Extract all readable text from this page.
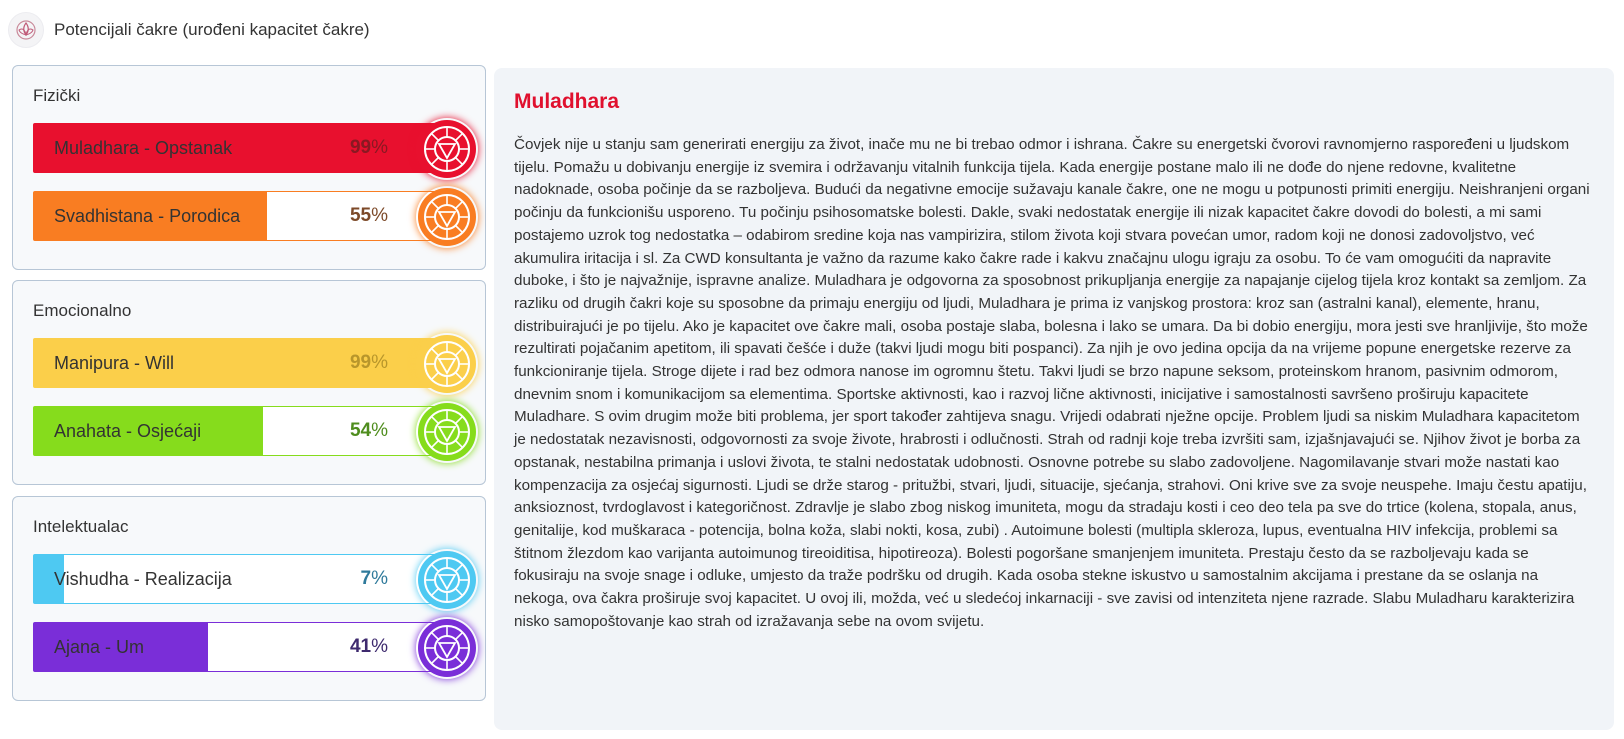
Potencijali čakre (urođeni kapacitet čakre)
Fizički
Muladhara - Opstanak	99%
Svadhistana - Porodica	55%
Emocionalno
Manipura - Will	99%
Anahata - Osjećaji	54%
Intelektualac
Vishudha - Realizacija	7%
Ajana - Um	41%
Muladhara

Čovjek nije u stanju sam generirati energiju za život, inače mu ne bi trebao odmor i ishrana. Čakre su energetski čvorovi ravnomjerno raspoređeni u ljudskom tijelu. Pomažu u dobivanju energije iz svemira i održavanju vitalnih funkcija tijela. Kada energije postane malo ili ne dođe do njene redovne, kvalitetne nadoknade, osoba počinje da se razboljeva. Budući da negativne emocije sužavaju kanale čakre, one ne mogu u potpunosti primiti energiju. Neishranjeni organi počinju da funkcionišu usporeno. Tu počinju psihosomatske bolesti. Dakle, svaki nedostatak energije ili nizak kapacitet čakre dovodi do bolesti, a mi sami postajemo uzrok tog nedostatka – odabirom sredine koja nas vampirizira, stilom života koji stvara povećan umor, radom koji ne donosi zadovoljstvo, već akumulira iritacija i sl. Za CWD konsultanta je važno da razume kako čakre rade i kakvu značajnu ulogu igraju za osobu. To će vam omogućiti da napravite duboke, i što je najvažnije, ispravne analize. Muladhara je odgovorna za sposobnost prikupljanja energije za napajanje cijelog tijela kroz kontakt sa zemljom. Za razliku od drugih čakri koje su sposobne da primaju energiju od ljudi, Muladhara je prima iz vanjskog prostora: kroz san (astralni kanal), elemente, hranu, distribuirajući je po tijelu. Ako je kapacitet ove čakre mali, osoba postaje slaba, bolesna i lako se umara. Da bi dobio energiju, mora jesti sve hranljivije, što može rezultirati pojačanim apetitom, ili spavati češće i duže (takvi ljudi mogu biti pospanci). Za njih je ovo jedina opcija da na vrijeme popune energetske rezerve za funkcioniranje tijela. Stroge dijete i rad bez odmora nanose im ogromnu štetu. Takvi ljudi se brzo napune seksom, proteinskom hranom, pasivnim odmorom, dnevnim snom i komunikacijom sa elementima. Sportske aktivnosti, kao i razvoj lične aktivnosti, inicijative i samostalnosti savršeno proširuju kapacitete Muladhare. S ovim drugim može biti problema, jer sport također zahtijeva snagu. Vrijedi odabrati nježne opcije. Problem ljudi sa niskim Muladhara kapacitetom je nedostatak nezavisnosti, odgovornosti za svoje živote, hrabrosti i odlučnosti. Strah od radnji koje treba izvršiti sam, izjašnjavajući se. Njihov život je borba za opstanak, nestabilna primanja i uslovi života, te stalni nedostatak udobnosti. Osnovne potrebe su slabo zadovoljene. Nagomilavanje stvari može nastati kao kompenzacija za osjećaj sigurnosti. Ljudi se drže starog - pritužbi, stvari, ljudi, situacije, sjećanja, strahovi. Oni krive sve za svoje neuspehe. Imaju čestu apatiju, anksioznost, tvrdoglavost i kategoričnost. Zdravlje je slabo zbog niskog imuniteta, mogu da stradaju kosti i ceo deo tela pa sve do trtice (kolena, stopala, anus, genitalije, kod muškaraca - potencija, bolna koža, slabi nokti, kosa, zubi) . Autoimune bolesti (multipla skleroza, lupus, eventualna HIV infekcija, problemi sa štitnom žlezdom kao varijanta autoimunog tireoiditisa, hipotireoza). Bolesti pogoršane smanjenjem imuniteta. Prestaju često da se razboljevaju kada se fokusiraju na svoje snage i odluke, umjesto da traže podršku od drugih. Kada osoba stekne iskustvo u samostalnim akcijama i prestane da se oslanja na nekoga, ova čakra proširuje svoj kapacitet. U ovoj ili, možda, već u sledećoj inkarnaciji - sve zavisi od intenziteta njene razrade. Slabu Muladharu karakterizira nisko samopoštovanje kao strah od izražavanja sebe na ovom svijetu.
